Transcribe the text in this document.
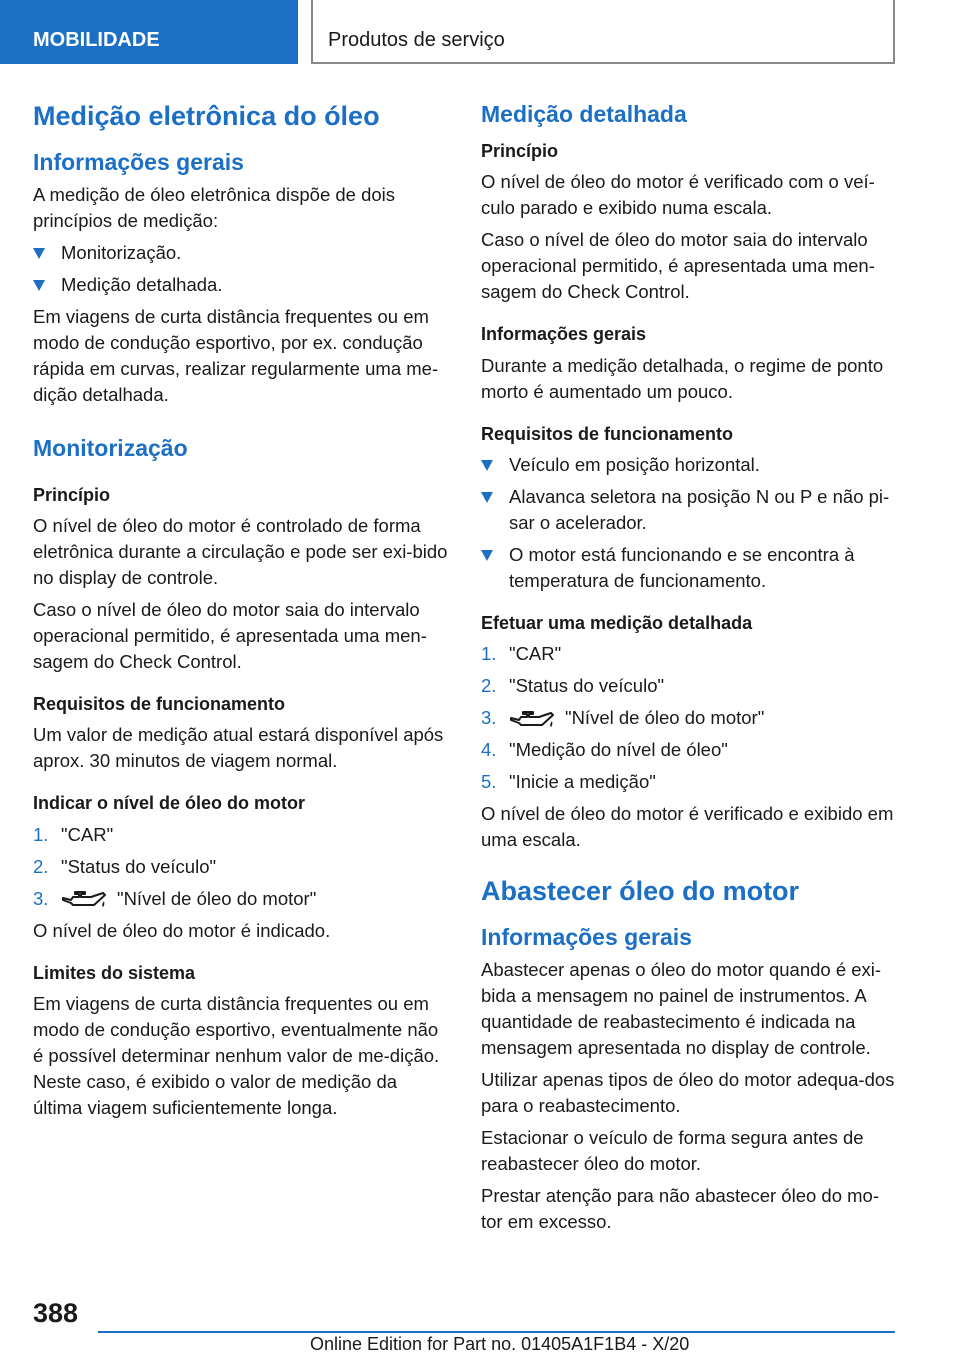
MOBILIDADE	Produtos de serviço
Medição eletrônica do óleo
Informações gerais

A medição de óleo eletrônica dispõe de dois princípios de medição:

Monitorização.
Medição detalhada.

Em viagens de curta distância frequentes ou em modo de condução esportivo, por ex. condução rápida em curvas, realizar regularmente uma me-dição detalhada.

Monitorização
Princípio

O nível de óleo do motor é controlado de forma eletrônica durante a circulação e pode ser exi-bido no display de controle.

Caso o nível de óleo do motor saia do intervalo operacional permitido, é apresentada uma men-sagem do Check Control.

Requisitos de funcionamento

Um valor de medição atual estará disponível após aprox. 30 minutos de viagem normal.

Indicar o nível de óleo do motor
1. "CAR"
2. "Status do veículo"
3.	"Nível de óleo do motor"

O nível de óleo do motor é indicado.

Limites do sistema

Em viagens de curta distância frequentes ou em modo de condução esportivo, eventualmente não é possível determinar nenhum valor de me-dição. Neste caso, é exibido o valor de medição da última viagem suficientemente longa.

Medição detalhada
Princípio

O nível de óleo do motor é verificado com o veí-culo parado e exibido numa escala.

Caso o nível de óleo do motor saia do intervalo operacional permitido, é apresentada uma men-sagem do Check Control.

Informações gerais

Durante a medição detalhada, o regime de ponto morto é aumentado um pouco.

Requisitos de funcionamento
Veículo em posição horizontal.
Alavanca seletora na posição N ou P e não pi-sar o acelerador.
O motor está funcionando e se encontra à temperatura de funcionamento.
Efetuar uma medição detalhada
1. "CAR"
2. "Status do veículo"
3.	"Nível de óleo do motor"
4. "Medição do nível de óleo"
5. "Inicie a medição"

O nível de óleo do motor é verificado e exibido em uma escala.

Abastecer óleo do motor
Informações gerais

Abastecer apenas o óleo do motor quando é exi-bida a mensagem no painel de instrumentos. A quantidade de reabastecimento é indicada na mensagem apresentada no display de controle.

Utilizar apenas tipos de óleo do motor adequa-dos para o reabastecimento.

Estacionar o veículo de forma segura antes de reabastecer óleo do motor.

Prestar atenção para não abastecer óleo do mo-tor em excesso.

388
Online Edition for Part no. 01405A1F1B4 - X/20
